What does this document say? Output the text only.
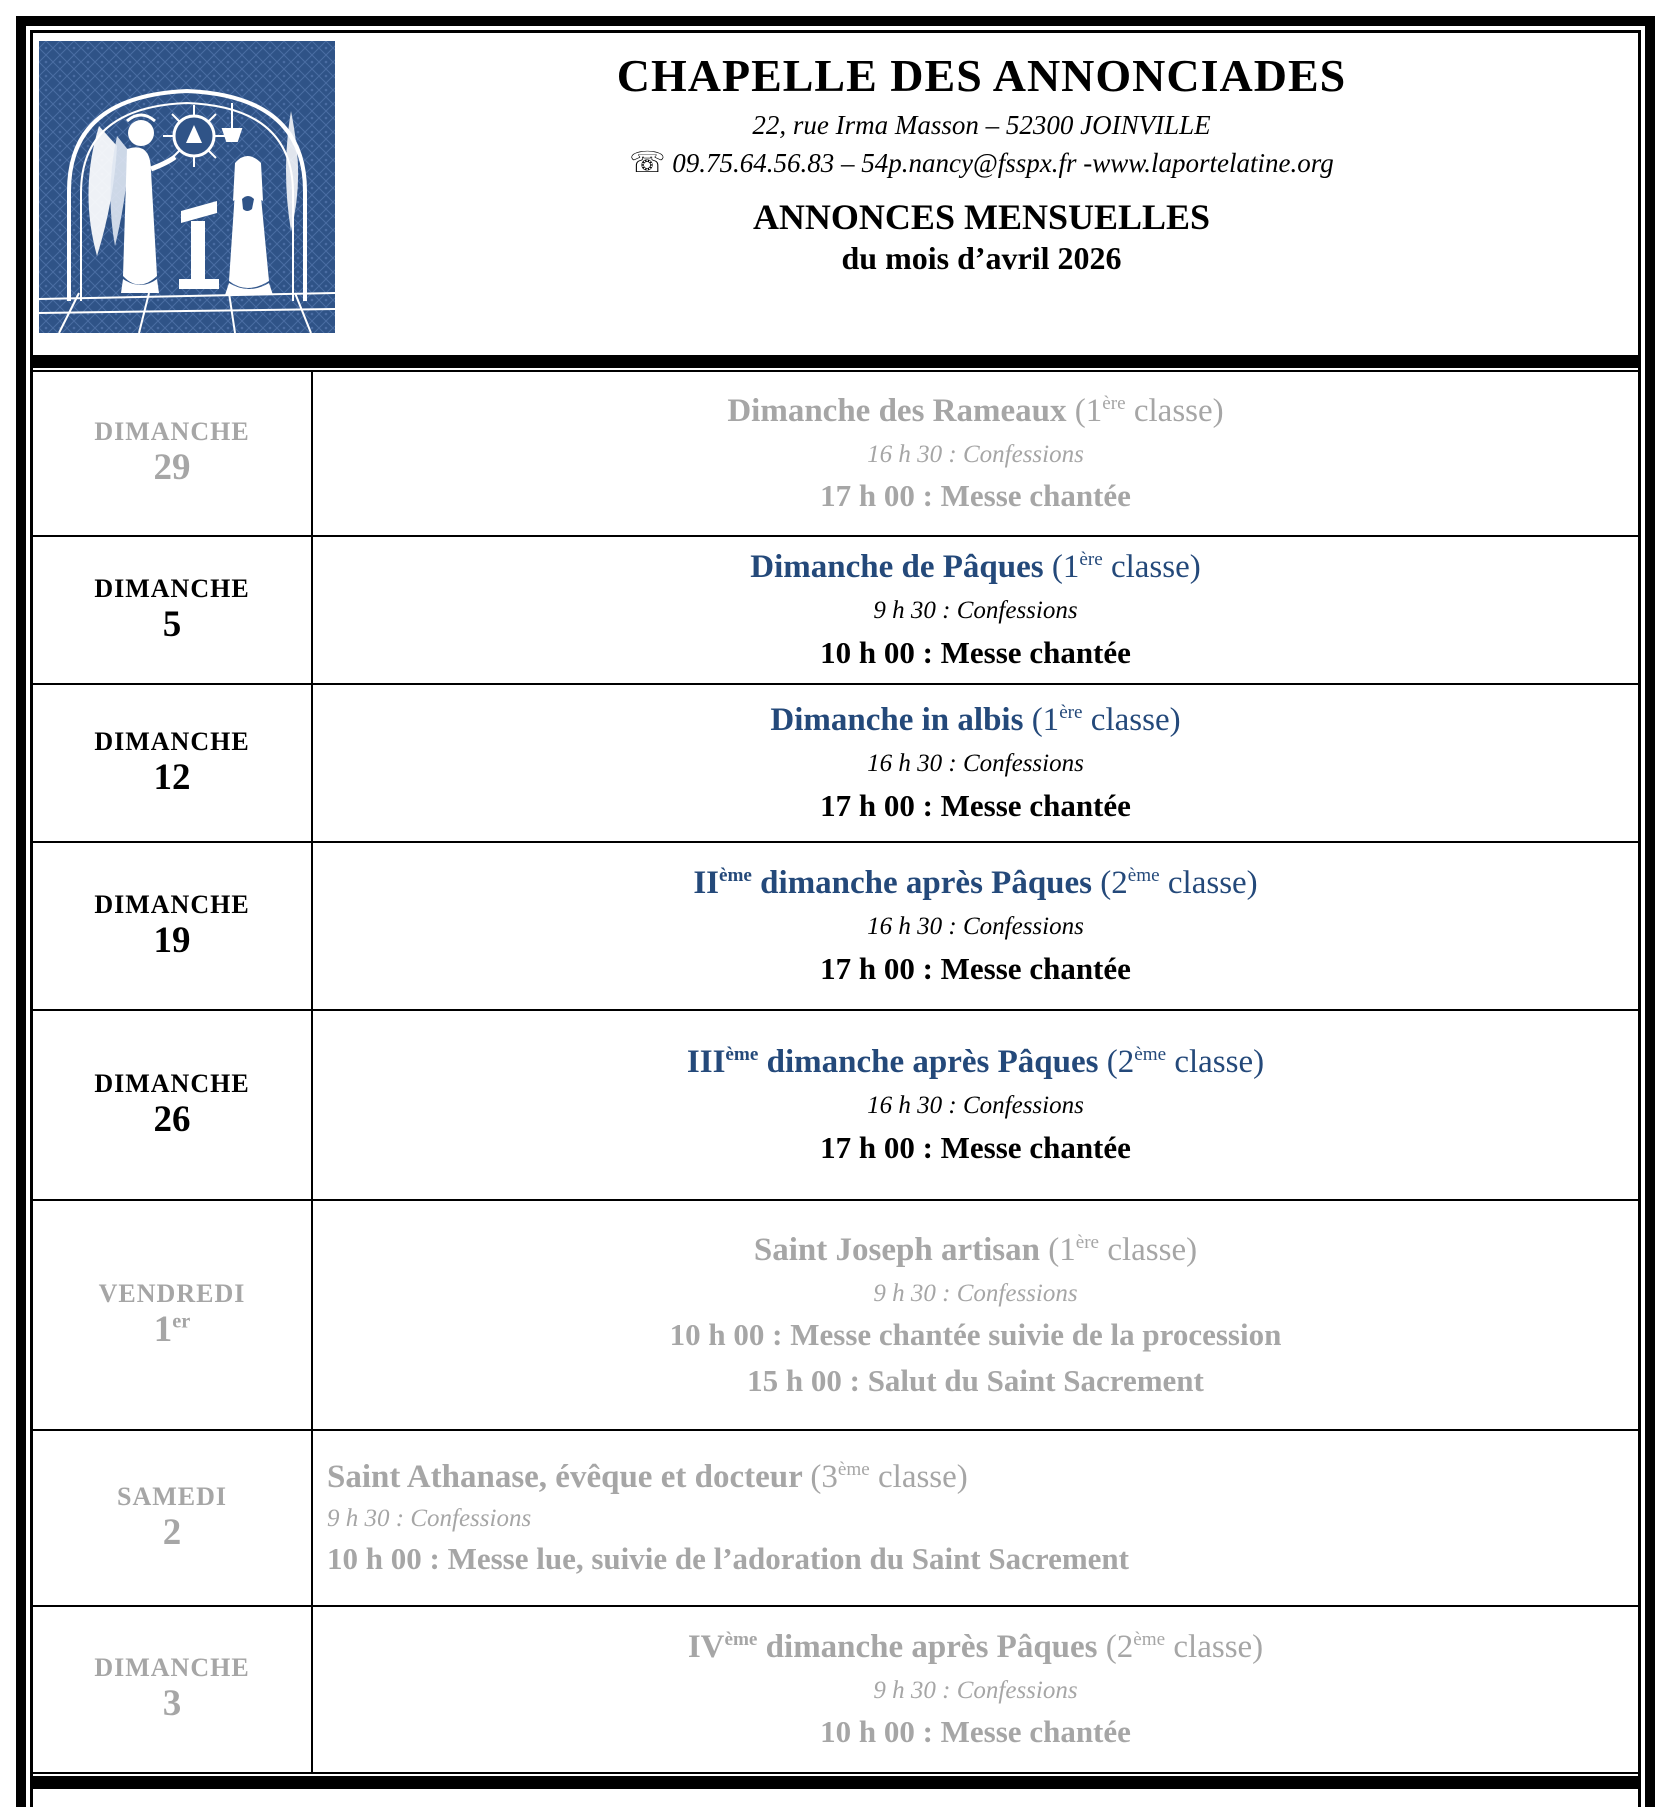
CHAPELLE DES ANNONCIADES
22, rue Irma Masson – 52300 JOINVILLE
☏ 09.75.64.56.83 – 54p.nancy@fsspx.fr -www.laportelatine.org
ANNONCES MENSUELLES
du mois d’avril 2026
DIMANCHE
29
Dimanche des Rameaux (1ère classe)
16 h 30 : Confessions
17 h 00 : Messe chantée
DIMANCHE
5
Dimanche de Pâques (1ère classe)
9 h 30 : Confessions
10 h 00 : Messe chantée
DIMANCHE
12
Dimanche in albis (1ère classe)
16 h 30 : Confessions
17 h 00 : Messe chantée
DIMANCHE
19
IIème dimanche après Pâques (2ème classe)
16 h 30 : Confessions
17 h 00 : Messe chantée
DIMANCHE
26
IIIème dimanche après Pâques (2ème classe)
16 h 30 : Confessions
17 h 00 : Messe chantée
VENDREDI
1er
Saint Joseph artisan (1ère classe)
9 h 30 : Confessions
10 h 00 : Messe chantée suivie de la procession
15 h 00 : Salut du Saint Sacrement
SAMEDI
2
Saint Athanase, évêque et docteur (3ème classe)
9 h 30 : Confessions
10 h 00 : Messe lue, suivie de l’adoration du Saint Sacrement
DIMANCHE
3
IVème dimanche après Pâques (2ème classe)
9 h 30 : Confessions
10 h 00 : Messe chantée
